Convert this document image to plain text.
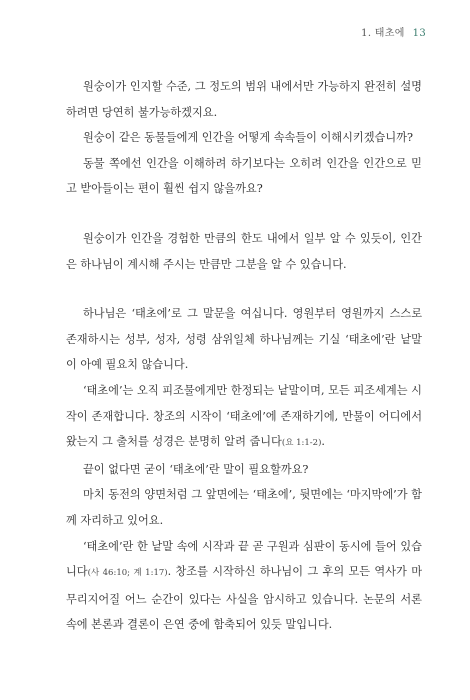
1. 태초에 13

원숭이가 인지할 수준, 그 정도의 범위 내에서만 가능하지 완전히 설명하려면 당연히 불가능하겠지요.

원숭이 같은 동물들에게 인간을 어떻게 속속들이 이해시키겠습니까?

동물 쪽에선 인간을 이해하려 하기보다는 오히려 인간을 인간으로 믿고 받아들이는 편이 훨씬 쉽지 않을까요?

원숭이가 인간을 경험한 만큼의 한도 내에서 일부 알 수 있듯이, 인간은 하나님이 계시해 주시는 만큼만 그분을 알 수 있습니다.

하나님은 ‘태초에’로 그 말문을 여십니다. 영원부터 영원까지 스스로 존재하시는 성부, 성자, 성령 삼위일체 하나님께는 기실 ‘태초에’란 낱말이 아예 필요치 않습니다.

‘태초에’는 오직 피조물에게만 한정되는 낱말이며, 모든 피조세계는 시작이 존재합니다. 창조의 시작이 ‘태초에’에 존재하기에, 만물이 어디에서 왔는지 그 출처를 성경은 분명히 알려 줍니다(요 1:1-2).

끝이 없다면 굳이 ‘태초에’란 말이 필요할까요?

마치 동전의 양면처럼 그 앞면에는 ‘태초에’, 뒷면에는 ‘마지막에’가 함께 자리하고 있어요.

‘태초에’란 한 낱말 속에 시작과 끝 곧 구원과 심판이 동시에 들어 있습니다(사 46:10; 계 1:17). 창조를 시작하신 하나님이 그 후의 모든 역사가 마무리지어질 어느 순간이 있다는 사실을 암시하고 있습니다. 논문의 서론 속에 본론과 결론이 은연 중에 함축되어 있듯 말입니다.
